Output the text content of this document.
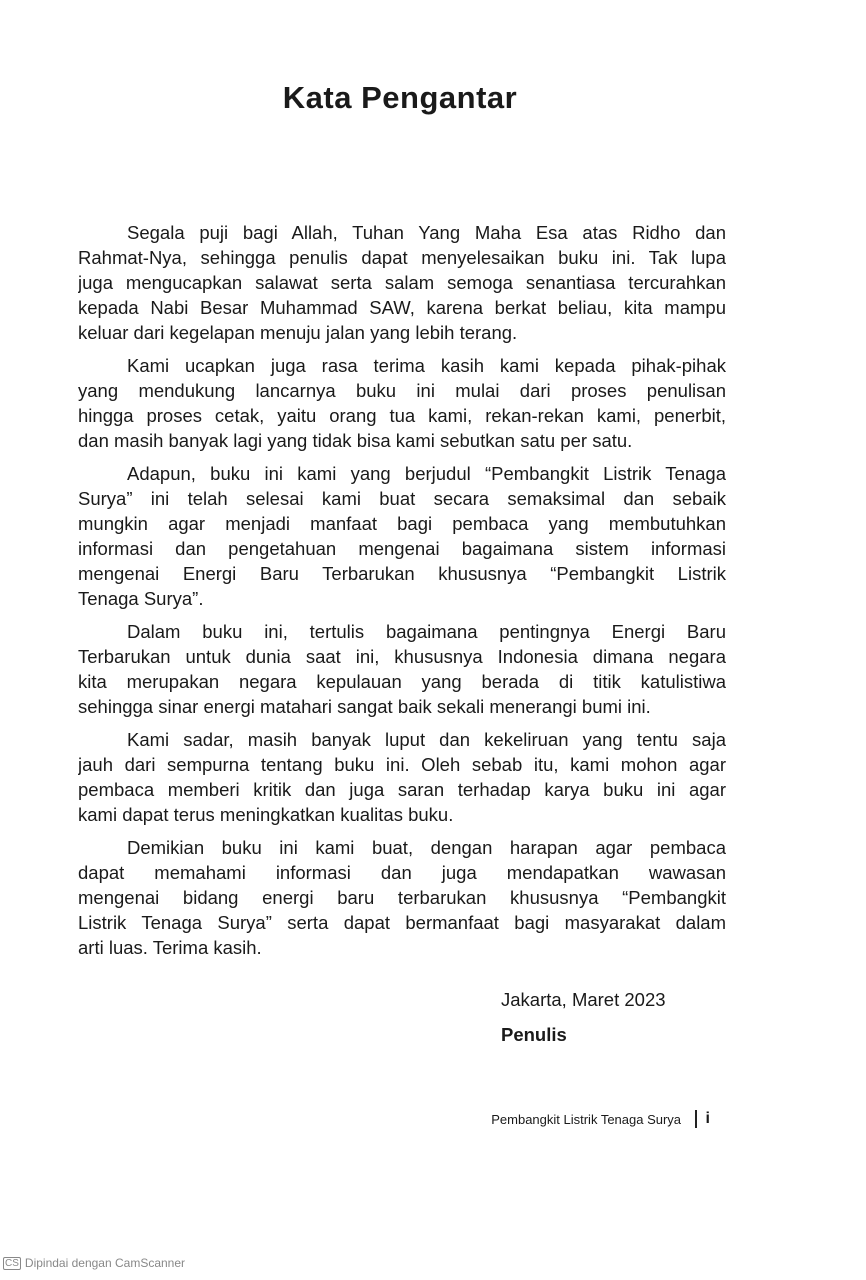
Kata Pengantar
Segala puji bagi Allah, Tuhan Yang Maha Esa atas Ridho dan
Rahmat-Nya, sehingga penulis dapat menyelesaikan buku ini. Tak lupa
juga mengucapkan salawat serta salam semoga senantiasa tercurahkan
kepada Nabi Besar Muhammad SAW, karena berkat beliau, kita mampu
keluar dari kegelapan menuju jalan yang lebih terang.
Kami ucapkan juga rasa terima kasih kami kepada pihak-pihak
yang mendukung lancarnya buku ini mulai dari proses penulisan
hingga proses cetak, yaitu orang tua kami, rekan-rekan kami, penerbit,
dan masih banyak lagi yang tidak bisa kami sebutkan satu per satu.
Adapun, buku ini kami yang berjudul “Pembangkit Listrik Tenaga
Surya” ini telah selesai kami buat secara semaksimal dan sebaik
mungkin agar menjadi manfaat bagi pembaca yang membutuhkan
informasi dan pengetahuan mengenai bagaimana sistem informasi
mengenai Energi Baru Terbarukan khususnya “Pembangkit Listrik
Tenaga Surya”.
Dalam buku ini, tertulis bagaimana pentingnya Energi Baru
Terbarukan untuk dunia saat ini, khususnya Indonesia dimana negara
kita merupakan negara kepulauan yang berada di titik katulistiwa
sehingga sinar energi matahari sangat baik sekali menerangi bumi ini.
Kami sadar, masih banyak luput dan kekeliruan yang tentu saja
jauh dari sempurna tentang buku ini. Oleh sebab itu, kami mohon agar
pembaca memberi kritik dan juga saran terhadap karya buku ini agar
kami dapat terus meningkatkan kualitas buku.
Demikian buku ini kami buat, dengan harapan agar pembaca
dapat memahami informasi dan juga mendapatkan wawasan
mengenai bidang energi baru terbarukan khususnya “Pembangkit
Listrik Tenaga Surya” serta dapat bermanfaat bagi masyarakat dalam
arti luas. Terima kasih.
Jakarta, Maret 2023
Penulis
Pembangkit Listrik Tenaga Surya i
CS Dipindai dengan CamScanner
